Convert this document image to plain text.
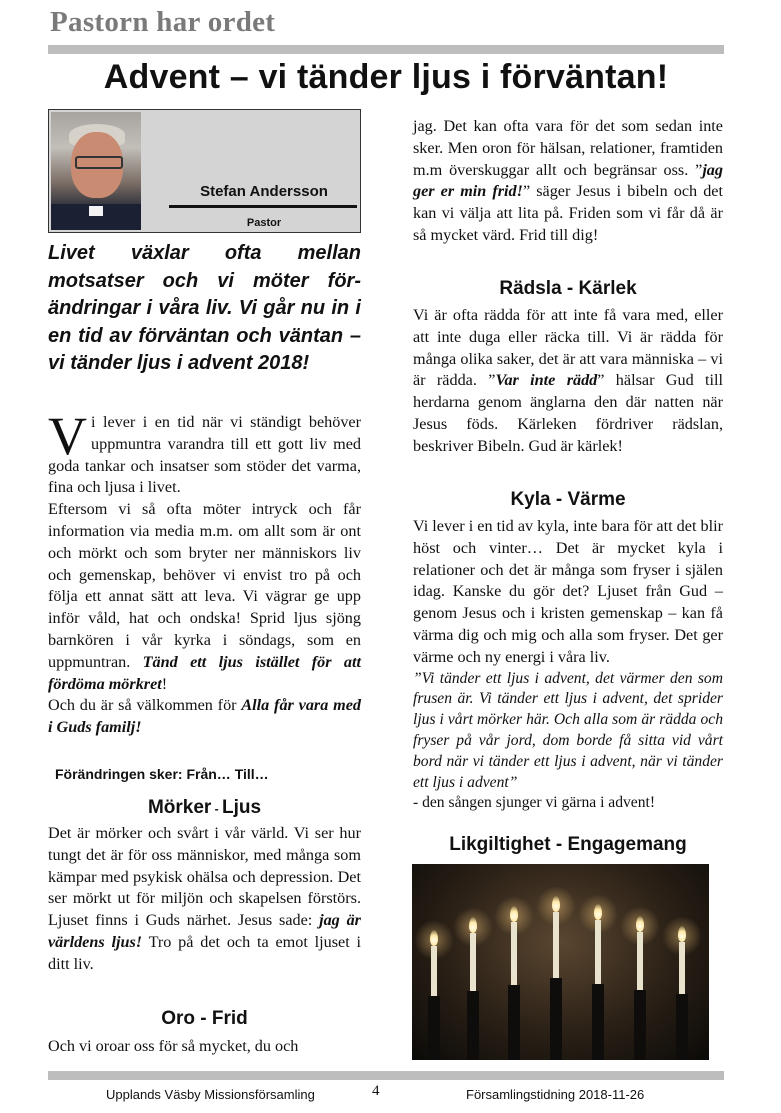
Pastorn har ordet
Advent – vi tänder ljus i förväntan!
Stefan Andersson
Pastor
Livet växlar ofta mellan motsatser och vi möter förändringar i våra liv. Vi går nu in i en tid av förväntan och väntan – vi tänder ljus i advent 2018!

Vi lever i en tid när vi ständigt behöver uppmuntra varandra till ett gott liv med goda tankar och insatser som stöder det varma, fina och ljusa i livet.

Eftersom vi så ofta möter intryck och får information via media m.m. om allt som är ont och mörkt och som bryter ner människors liv och gemenskap, behöver vi envist tro på och följa ett annat sätt att leva. Vi vägrar ge upp inför våld, hat och ondska! Sprid ljus sjöng barnkören i vår kyrka i söndags, som en uppmuntran. Tänd ett ljus istället för att fördöma mörkret!

Och du är så välkommen för Alla får vara med i Guds familj!

Förändringen sker: Från… Till…
Mörker - Ljus

Det är mörker och svårt i vår värld. Vi ser hur tungt det är för oss människor, med många som kämpar med psykisk ohälsa och depression. Det ser mörkt ut för miljön och skapelsen förstörs. Ljuset finns i Guds närhet. Jesus sade: jag är världens ljus! Tro på det och ta emot ljuset i ditt liv.

Oro - Frid

Och vi oroar oss för så mycket, du och

jag. Det kan ofta vara för det som sedan inte sker. Men oron för hälsan, relationer, framtiden m.m överskuggar allt och begränsar oss. ”jag ger er min frid!” säger Jesus i bibeln och det kan vi välja att lita på. Friden som vi får då är så mycket värd. Frid till dig!

Rädsla - Kärlek

Vi är ofta rädda för att inte få vara med, eller att inte duga eller räcka till. Vi är rädda för många olika saker, det är att vara människa – vi är rädda. ”Var inte rädd” hälsar Gud till herdarna genom änglarna den där natten när Jesus föds. Kärleken fördriver rädslan, beskriver Bibeln. Gud är kärlek!

Kyla - Värme

Vi lever i en tid av kyla, inte bara för att det blir höst och vinter… Det är mycket kyla i relationer och det är många som fryser i själen idag. Kanske du gör det? Ljuset från Gud – genom Jesus och i kristen gemenskap – kan få värma dig och mig och alla som fryser. Det ger värme och ny energi i våra liv.

”Vi tänder ett ljus i advent, det värmer den som frusen är. Vi tänder ett ljus i advent, det sprider ljus i vårt mörker här. Och alla som är rädda och fryser på vår jord, dom borde få sitta vid vårt bord när vi tänder ett ljus i advent, när vi tänder ett ljus i advent”

- den sången sjunger vi gärna i advent!

Likgiltighet - Engagemang
Upplands Väsby Missionsförsamling	4	Församlingstidning 2018-11-26
